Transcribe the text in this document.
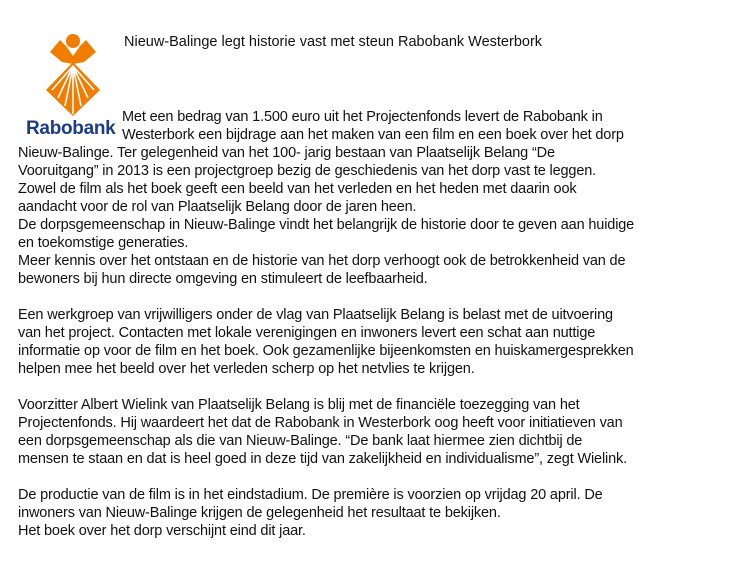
Rabobank
Nieuw-Balinge legt historie vast met steun Rabobank Westerbork
Met een bedrag van 1.500 euro uit het Projectenfonds levert de Rabobank in
Westerbork een bijdrage aan het maken van een film en een boek over het dorp
Nieuw-Balinge. Ter gelegenheid van het 100- jarig bestaan van Plaatselijk Belang “De
Vooruitgang” in 2013 is een projectgroep bezig de geschiedenis van het dorp vast te leggen.
Zowel de film als het boek geeft een beeld van het verleden en het heden met daarin ook
aandacht voor de rol van Plaatselijk Belang door de jaren heen.
De dorpsgemeenschap in Nieuw-Balinge vindt het belangrijk de historie door te geven aan huidige
en toekomstige generaties.
Meer kennis over het ontstaan en de historie van het dorp verhoogt ook de betrokkenheid van de
bewoners bij hun directe omgeving en stimuleert de leefbaarheid.
Een werkgroep van vrijwilligers onder de vlag van Plaatselijk Belang is belast met de uitvoering
van het project. Contacten met lokale verenigingen en inwoners levert een schat aan nuttige
informatie op voor de film en het boek. Ook gezamenlijke bijeenkomsten en huiskamergesprekken
helpen mee het beeld over het verleden scherp op het netvlies te krijgen.
Voorzitter Albert Wielink van Plaatselijk Belang is blij met de financiële toezegging van het
Projectenfonds. Hij waardeert het dat de Rabobank in Westerbork oog heeft voor initiatieven van
een dorpsgemeenschap als die van Nieuw-Balinge. “De bank laat hiermee zien dichtbij de
mensen te staan en dat is heel goed in deze tijd van zakelijkheid en individualisme”, zegt Wielink.
De productie van de film is in het eindstadium. De première is voorzien op vrijdag 20 april. De
inwoners van Nieuw-Balinge krijgen de gelegenheid het resultaat te bekijken.
Het boek over het dorp verschijnt eind dit jaar.
